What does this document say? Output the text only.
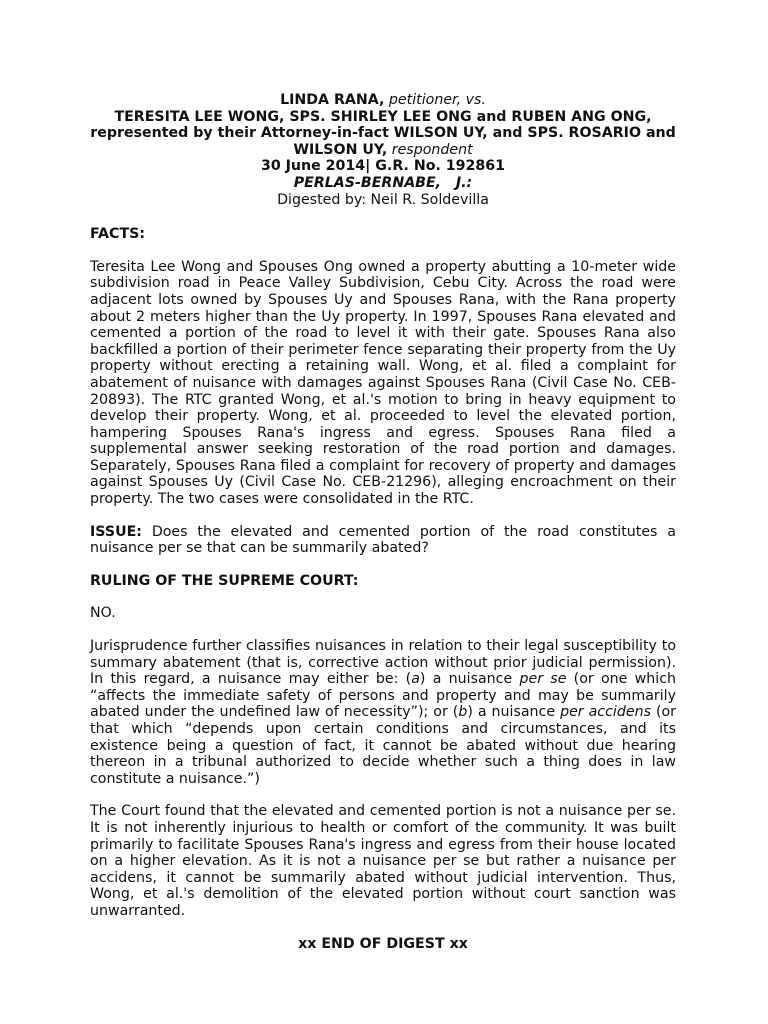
LINDA RANA, petitioner, vs.
TERESITA LEE WONG, SPS. SHIRLEY LEE ONG and RUBEN ANG ONG,
represented by their Attorney-in-fact WILSON UY, and SPS. ROSARIO and
WILSON UY, respondent
30 June 2014| G.R. No. 192861
PERLAS-BERNABE,   J.:
Digested by: Neil R. Soldevilla
FACTS:

Teresita Lee Wong and Spouses Ong owned a property abutting a 10-meter wide subdivision road in Peace Valley Subdivision, Cebu City. Across the road were adjacent lots owned by Spouses Uy and Spouses Rana, with the Rana property about 2 meters higher than the Uy property. In 1997, Spouses Rana elevated and cemented a portion of the road to level it with their gate. Spouses Rana also backfilled a portion of their perimeter fence separating their property from the Uy property without erecting a retaining wall. Wong, et al. filed a complaint for abatement of nuisance with damages against Spouses Rana (Civil Case No. CEB-20893). The RTC granted Wong, et al.'s motion to bring in heavy equipment to develop their property. Wong, et al. proceeded to level the elevated portion, hampering Spouses Rana's ingress and egress. Spouses Rana filed a supplemental answer seeking restoration of the road portion and damages. Separately, Spouses Rana filed a complaint for recovery of property and damages against Spouses Uy (Civil Case No. CEB-21296), alleging encroachment on their property. The two cases were consolidated in the RTC.

ISSUE: Does the elevated and cemented portion of the road constitutes a nuisance per se that can be summarily abated?

RULING OF THE SUPREME COURT:

NO.

Jurisprudence further classifies nuisances in relation to their legal susceptibility to summary abatement (that is, corrective action without prior judicial permission). In this regard, a nuisance may either be: (a) a nuisance per se (or one which “affects the immediate safety of persons and property and may be summarily abated under the undefined law of necessity”); or (b) a nuisance per accidens (or that which “depends upon certain conditions and circumstances, and its existence being a question of fact, it cannot be abated without due hearing thereon in a tribunal authorized to decide whether such a thing does in law constitute a nuisance.”)

The Court found that the elevated and cemented portion is not a nuisance per se. It is not inherently injurious to health or comfort of the community. It was built primarily to facilitate Spouses Rana's ingress and egress from their house located on a higher elevation. As it is not a nuisance per se but rather a nuisance per accidens, it cannot be summarily abated without judicial intervention. Thus, Wong, et al.'s demolition of the elevated portion without court sanction was unwarranted.

xx END OF DIGEST xx
